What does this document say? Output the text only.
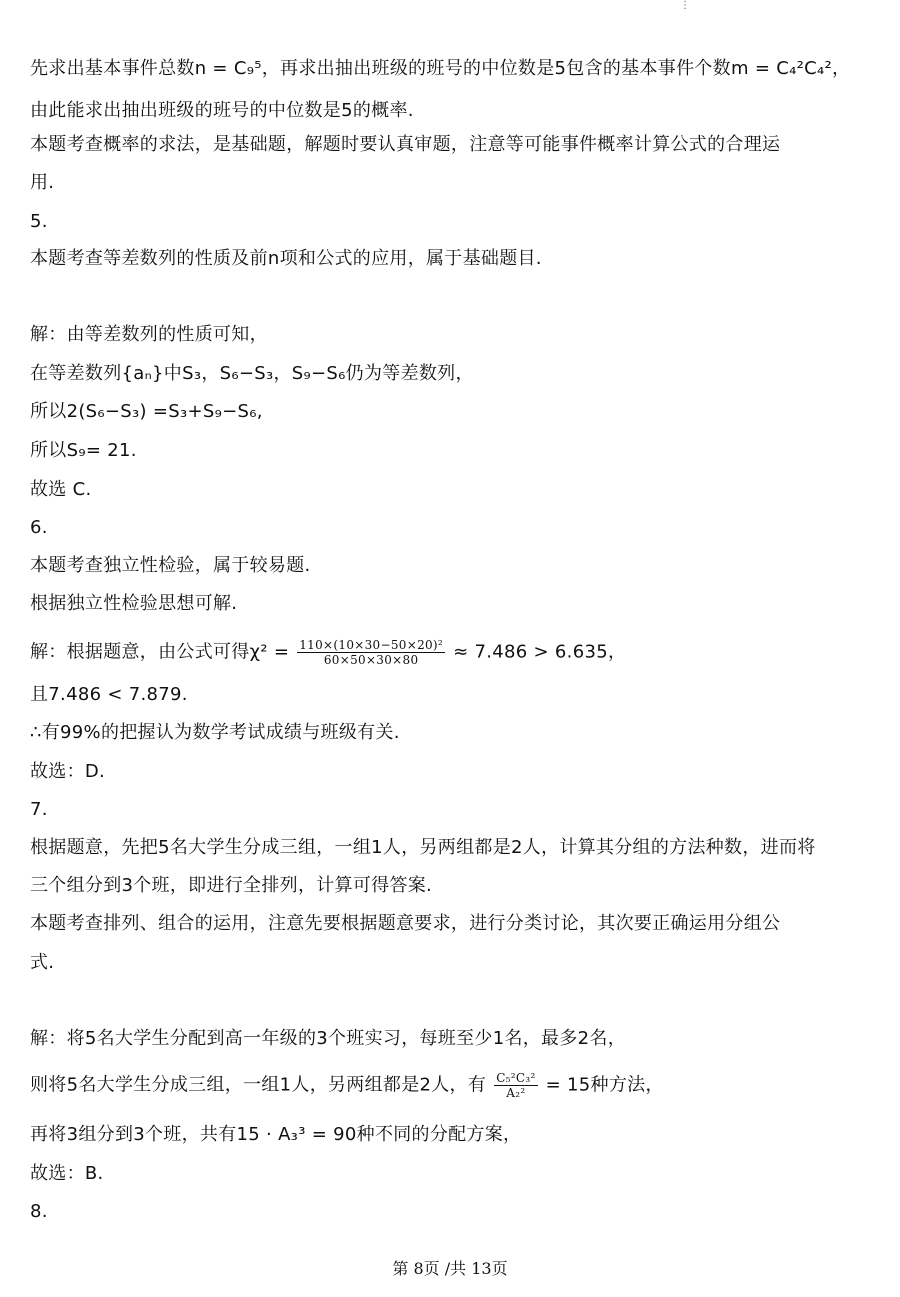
⋮
先求出基本事件总数n = C₉⁵，再求出抽出班级的班号的中位数是5包含的基本事件个数m = C₄²C₄²，
由此能求出抽出班级的班号的中位数是5的概率.
本题考查概率的求法，是基础题，解题时要认真审题，注意等可能事件概率计算公式的合理运
用.
5.
本题考查等差数列的性质及前n项和公式的应用，属于基础题目.
解：由等差数列的性质可知，
在等差数列{aₙ}中S₃，S₆−S₃，S₉−S₆仍为等差数列，
所以2(S₆−S₃) =S₃+S₉−S₆,
所以S₉= 21.
故选 C.
6.
本题考查独立性检验，属于较易题.
根据独立性检验思想可解.
解：根据题意，由公式可得$\chi^2 = \frac{\text{110×(10×30−50×20)²}}{60\times 50\times 30\times 80} \approx 7.486 > 6.635$，
且7.486 < 7.879.
∴有99%的把握认为数学考试成绩与班级有关.
故选：D.
7.
根据题意，先把5名大学生分成三组，一组1人，另两组都是2人，计算其分组的方法种数，进而将
三个组分到3个班，即进行全排列，计算可得答案.
本题考查排列、组合的运用，注意先要根据题意要求，进行分类讨论，其次要正确运用分组公
式.
解：将5名大学生分配到高一年级的3个班实习，每班至少1名，最多2名，
则将5名大学生分成三组，一组1人，另两组都是2人，有 $\frac{\text{C₅²C₃²}}{\text{A₂²}} = 15$种方法，
再将3组分到3个班，共有15 · A₃³ = 90种不同的分配方案，
故选：B.
8.
第 8页 /共 13页
